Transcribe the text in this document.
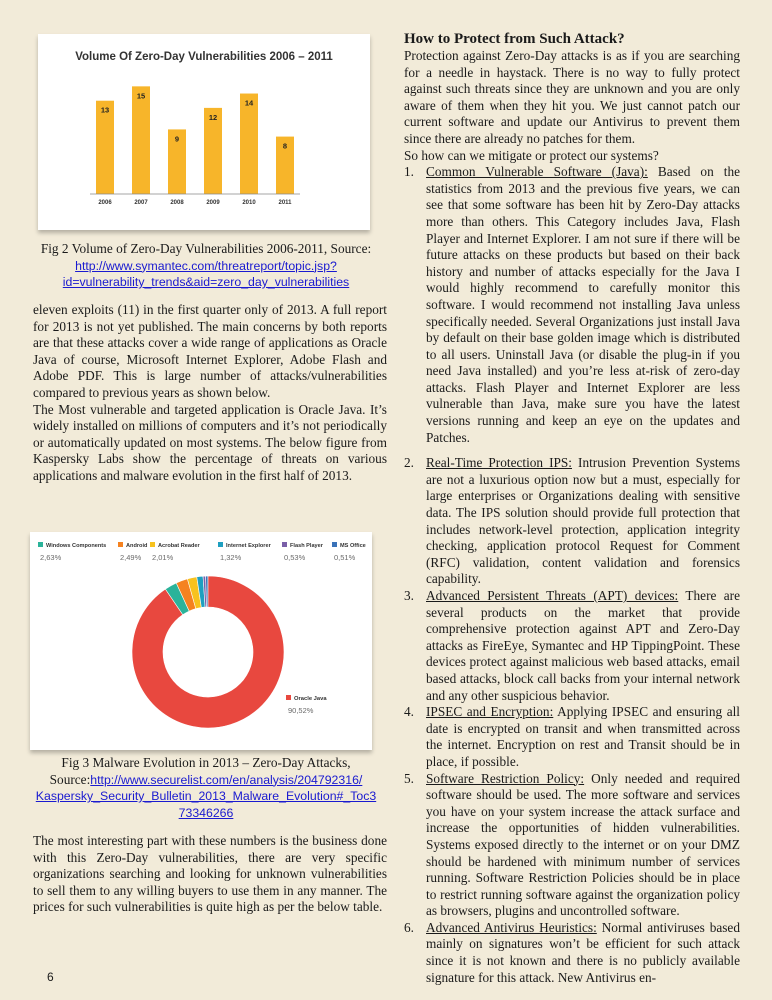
Volume Of Zero-Day Vulnerabilities 2006 – 2011
13
2006
15
2007
9
2008
12
2009
14
2010
8
2011
Fig 2 Volume of Zero-Day Vulnerabilities 2006-2011, Source:
http://www.symantec.com/threatreport/topic.jsp?
id=vulnerability_trends&aid=zero_day_vulnerabilities

eleven exploits (11) in the first quarter only of 2013. A full report for 2013 is not yet published. The main concerns by both reports are that these attacks cover a wide range of applications as Oracle Java of course, Microsoft Internet Explorer, Adobe Flash and Adobe PDF. This is large number of attacks/vulnerabilities compared to previous years as shown below.

The Most vulnerable and targeted application is Oracle Java. It’s widely installed on millions of computers and it’s not periodically or automatically updated on most systems. The below figure from Kaspersky Labs show the percentage of threats on various applications and malware evolution in the first half of 2013.

Windows Components
2,63%
Android
2,49%
Acrobat Reader
2,01%
Internet Explorer
1,32%
Flash Player
0,53%
MS Office
0,51%
Oracle Java
90,52%
Fig 3 Malware Evolution in 2013 – Zero-Day Attacks, Source:http://www.securelist.com/en/analysis/204792316/
Kaspersky_Security_Bulletin_2013_Malware_Evolution#_Toc3
73346266

The most interesting part with these numbers is the business done with this Zero-Day vulnerabilities, there are very specific organizations searching and looking for unknown vulnerabilities to sell them to any willing buyers to use them in any manner. The prices for such vulnerabilities is quite high as per the below table.

6
How to Protect from Such Attack?

Protection against Zero-Day attacks is as if you are searching for a needle in haystack. There is no way to fully protect against such threats since they are unknown and you are only aware of them when they hit you. We just cannot patch our current software and update our Antivirus to prevent them since there are already no patches for them.

So how can we mitigate or protect our systems?

1. Common Vulnerable Software (Java): Based on the statistics from 2013 and the previous five years, we can see that some software has been hit by Zero-Day attacks more than others. This Category includes Java, Flash Player and Internet Explorer. I am not sure if there will be future attacks on these products but based on their back history and number of attacks especially for the Java I would highly recommend to carefully monitor this software. I would recommend not installing Java unless specifically needed. Several Organizations just install Java by default on their base golden image which is distributed to all users. Uninstall Java (or disable the plug-in if you need Java installed) and you’re less at-risk of zero-day attacks. Flash Player and Internet Explorer are less vulnerable than Java, make sure you have the latest versions running and keep an eye on the updates and Patches.
2. Real-Time Protection IPS: Intrusion Prevention Systems are not a luxurious option now but a must, especially for large enterprises or Organizations dealing with sensitive data. The IPS solution should provide full protection that includes network-level protection, application integrity checking, application protocol Request for Comment (RFC) validation, content validation and forensics capability.
3. Advanced Persistent Threats (APT) devices: There are several products on the market that provide comprehensive protection against APT and Zero-Day attacks as FireEye, Symantec and HP TippingPoint. These devices protect against malicious web based attacks, email based attacks, block call backs from your internal network and any other suspicious behavior.
4. IPSEC and Encryption: Applying IPSEC and ensuring all date is encrypted on transit and when transmitted across the internet. Encryption on rest and Transit should be in place, if possible.
5. Software Restriction Policy: Only needed and required software should be used. The more software and services you have on your system increase the attack surface and increase the opportunities of hidden vulnerabilities. Systems exposed directly to the internet or on your DMZ should be hardened with minimum number of services running. Software Restriction Policies should be in place to restrict running software against the organization policy as browsers, plugins and uncontrolled software.
6. Advanced Antivirus Heuristics: Normal antiviruses based mainly on signatures won’t be efficient for such attack since it is not known and there is no publicly available signature for this attack. New Antivirus en-
